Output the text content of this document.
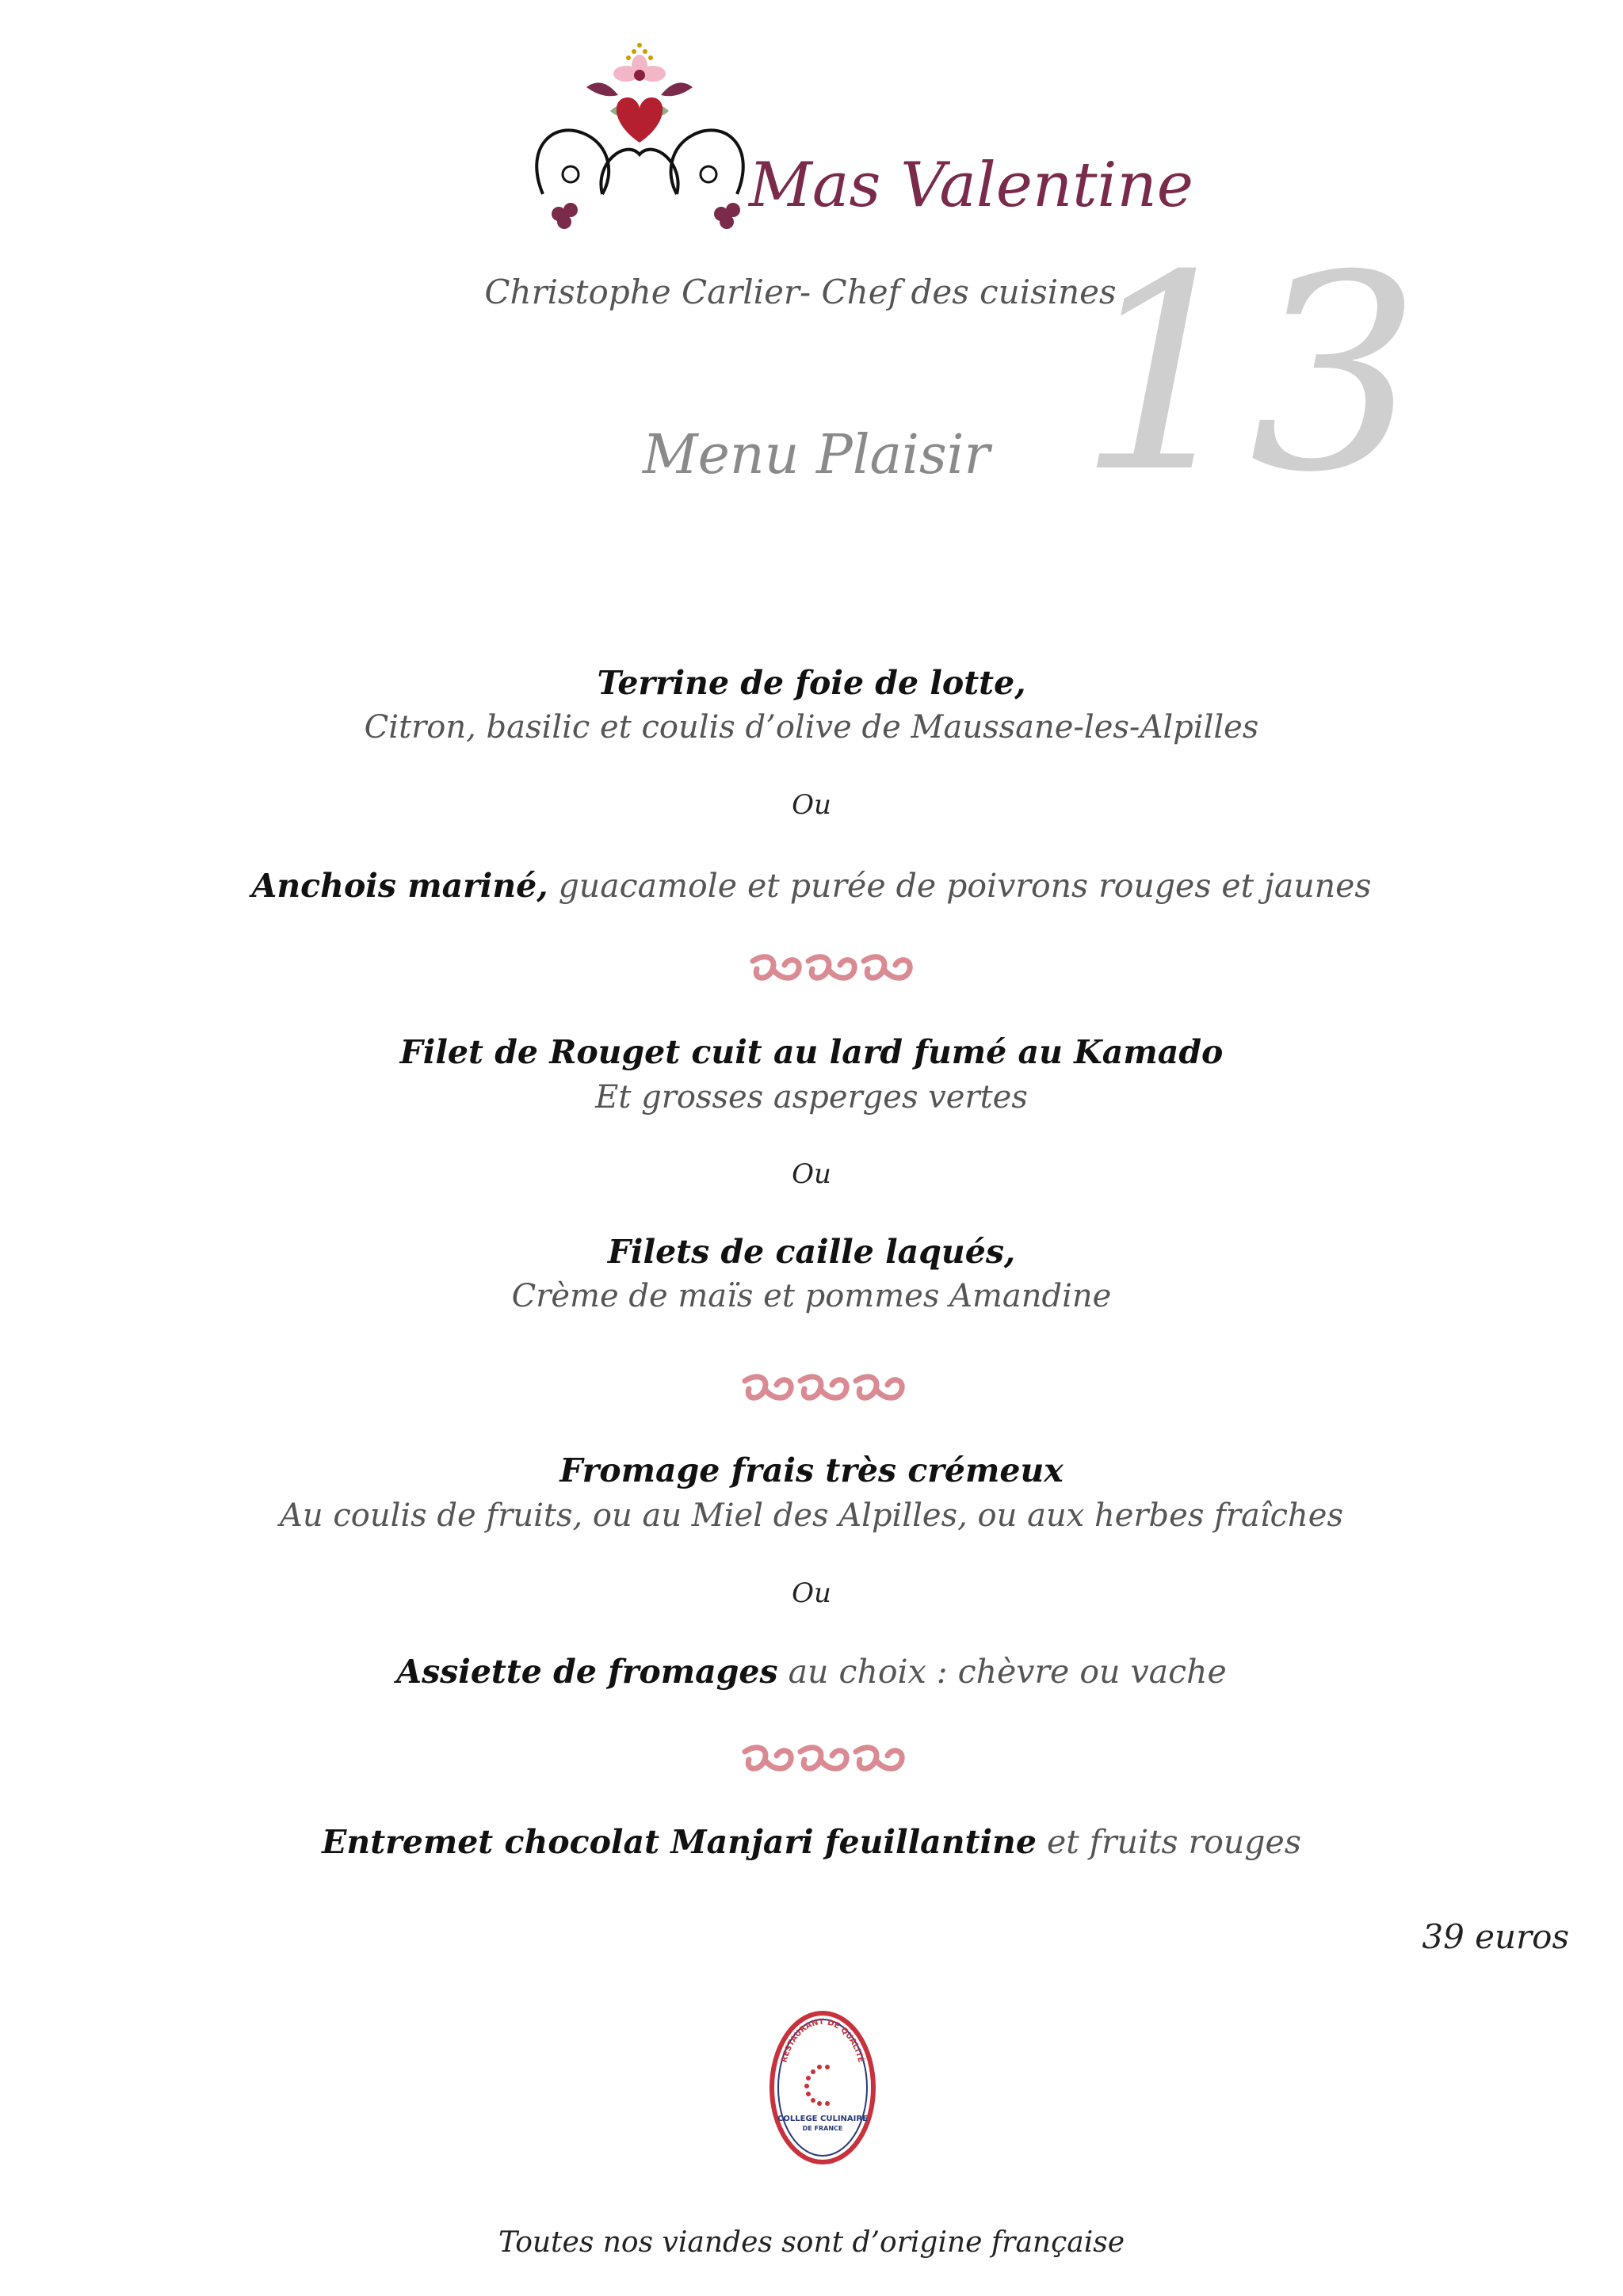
Mas Valentine
Christophe Carlier- Chef des cuisines
13
Menu Plaisir
Terrine de foie de lotte,
Citron, basilic et coulis d’olive de Maussane-les-Alpilles
Ou
Anchois mariné, guacamole et purée de poivrons rouges et jaunes
Filet de Rouget cuit au lard fumé au Kamado
Et grosses asperges vertes
Ou
Filets de caille laqués,
Crème de maïs et pommes Amandine
Fromage frais très crémeux
Au coulis de fruits, ou au Miel des Alpilles, ou aux herbes fraîches
Ou
Assiette de fromages au choix : chèvre ou vache
Entremet chocolat Manjari feuillantine et fruits rouges
39 euros
RESTAURANT DE QUALITÉ
COLLEGE CULINAIRE
DE FRANCE
Toutes nos viandes sont d’origine française
